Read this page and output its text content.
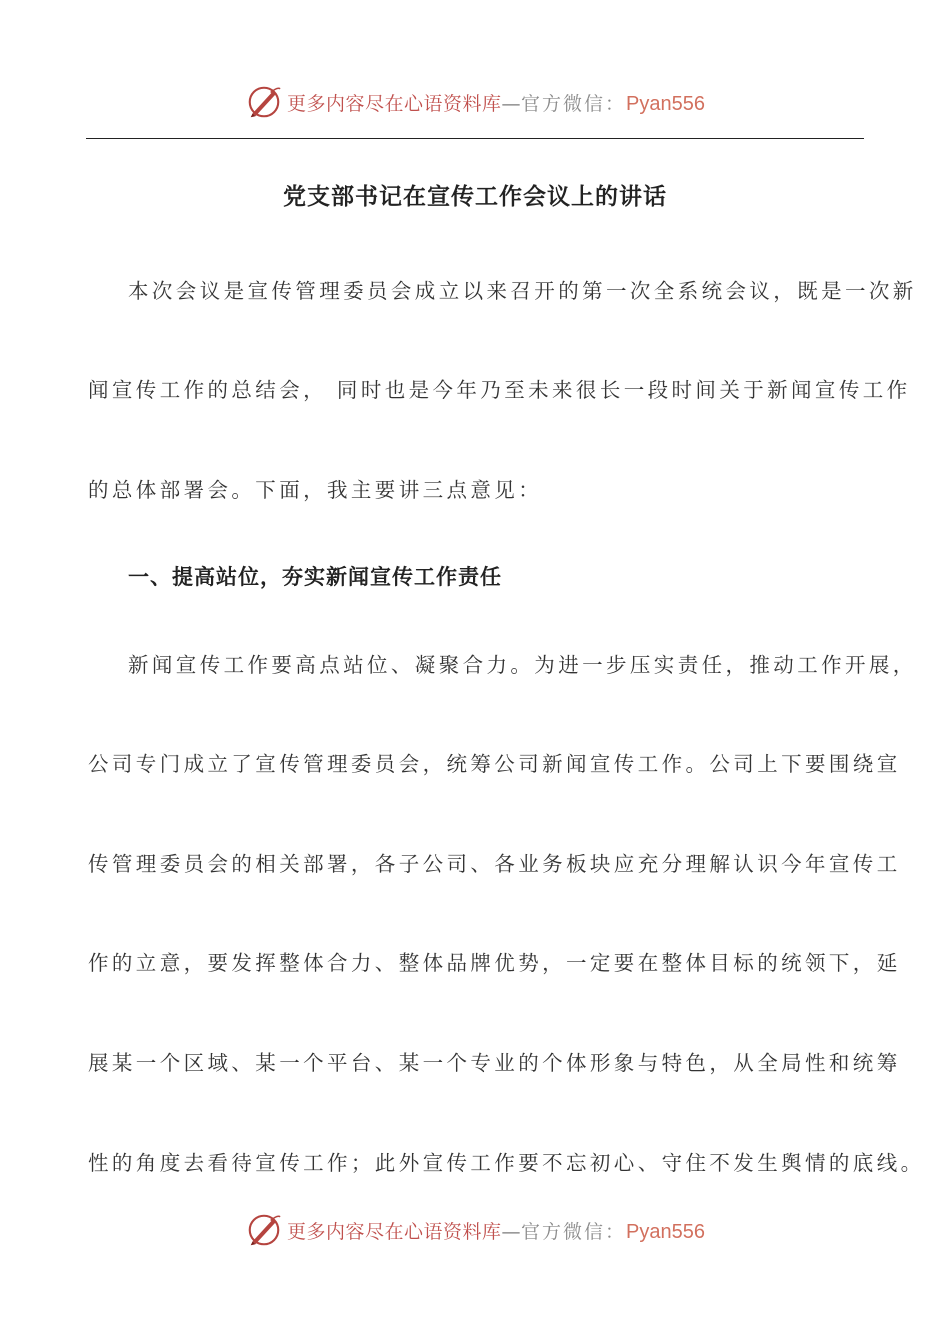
更多内容尽在心语资料库—官方微信：Pyan556
党支部书记在宣传工作会议上的讲话
本次会议是宣传管理委员会成立以来召开的第一次全系统会议，既是一次新
闻宣传工作的总结会， 同时也是今年乃至未来很长一段时间关于新闻宣传工作
的总体部署会。下面，我主要讲三点意见：
一、提高站位，夯实新闻宣传工作责任
新闻宣传工作要高点站位、凝聚合力。为进一步压实责任，推动工作开展，
公司专门成立了宣传管理委员会，统筹公司新闻宣传工作。公司上下要围绕宣
传管理委员会的相关部署，各子公司、各业务板块应充分理解认识今年宣传工
作的立意，要发挥整体合力、整体品牌优势，一定要在整体目标的统领下，延
展某一个区域、某一个平台、某一个专业的个体形象与特色，从全局性和统筹
性的角度去看待宣传工作；此外宣传工作要不忘初心、守住不发生舆情的底线。
更多内容尽在心语资料库—官方微信：Pyan556
